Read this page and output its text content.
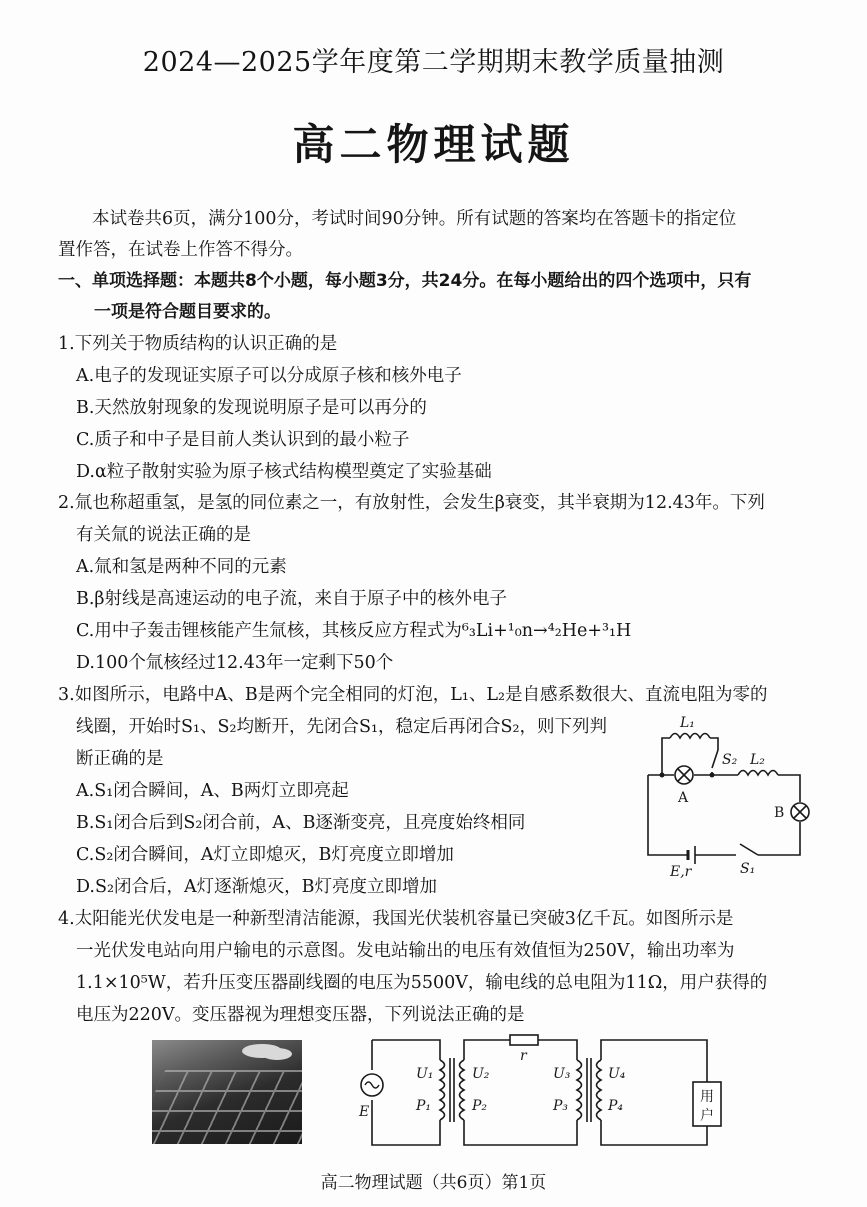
2024—2025学年度第二学期期末教学质量抽测
高二物理试题
本试卷共6页，满分100分，考试时间90分钟。所有试题的答案均在答题卡的指定位
置作答，在试卷上作答不得分。
一、单项选择题：本题共8个小题，每小题3分，共24分。在每小题给出的四个选项中，只有
一项是符合题目要求的。
1.下列关于物质结构的认识正确的是
A.电子的发现证实原子可以分成原子核和核外电子
B.天然放射现象的发现说明原子是可以再分的
C.质子和中子是目前人类认识到的最小粒子
D.α粒子散射实验为原子核式结构模型奠定了实验基础
2.氚也称超重氢，是氢的同位素之一，有放射性，会发生β衰变，其半衰期为12.43年。下列
有关氚的说法正确的是
A.氚和氢是两种不同的元素
B.β射线是高速运动的电子流，来自于原子中的核外电子
C.用中子轰击锂核能产生氚核，其核反应方程式为⁶₃Li+¹₀n→⁴₂He+³₁H
D.100个氚核经过12.43年一定剩下50个
3.如图所示，电路中A、B是两个完全相同的灯泡，L₁、L₂是自感系数很大、直流电阻为零的
线圈，开始时S₁、S₂均断开，先闭合S₁，稳定后再闭合S₂，则下列判
断正确的是
A.S₁闭合瞬间，A、B两灯立即亮起
B.S₁闭合后到S₂闭合前，A、B逐渐变亮，且亮度始终相同
C.S₂闭合瞬间，A灯立即熄灭，B灯亮度立即增加
D.S₂闭合后，A灯逐渐熄灭，B灯亮度立即增加
L₁
L₂
S₂
S₁
E,r
A
B
4.太阳能光伏发电是一种新型清洁能源，我国光伏装机容量已突破3亿千瓦。如图所示是
一光伏发电站向用户输电的示意图。发电站输出的电压有效值恒为250V，输出功率为
1.1×10⁵W，若升压变压器副线圈的电压为5500V，输电线的总电阻为11Ω，用户获得的
电压为220V。变压器视为理想变压器，下列说法正确的是
用
户
E
U₁
P₁
U₂
P₂
r
U₃
P₃
U₄
P₄
高二物理试题（共6页）第1页
